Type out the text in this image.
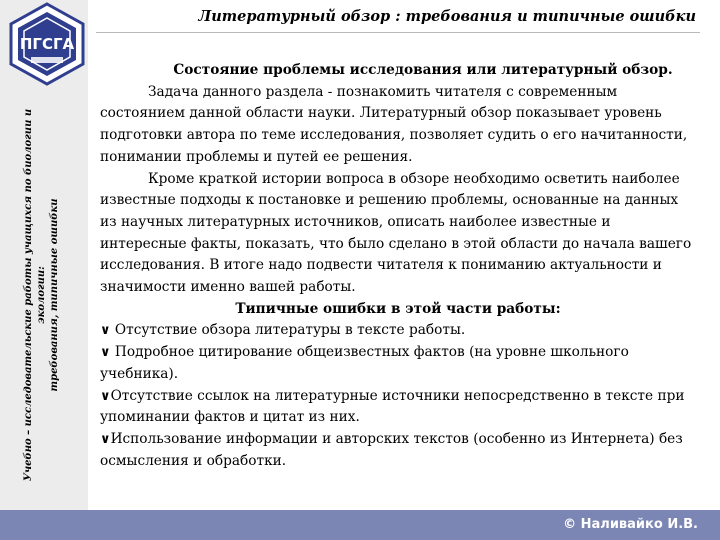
Учебно – исследовательские работы учащихся по биологии и экологии: требования, типичные ошибки
ПГСГА
Литературный обзор : требования и типичные ошибки
Состояние проблемы исследования или литературный обзор.
Задача данного раздела - познакомить читателя с современным состоянием данной области науки. Литературный обзор показывает уровень подготовки автора по теме исследования, позволяет судить о его начитанности, понимании проблемы и путей ее решения.
Кроме краткой истории вопроса в обзоре необходимо осветить наиболее известные подходы к постановке и решению проблемы, основанные на данных из научных литературных источников, описать наиболее известные и интересные факты, показать, что было сделано в этой области до начала вашего исследования. В итоге надо подвести читателя к пониманию актуальности и значимости именно вашей работы.
Типичные ошибки в этой части работы:

∨ Отсутствие обзора литературы в тексте работы.

∨ Подробное цитирование общеизвестных фактов (на уровне школьного учебника).

∨Отсутствие ссылок на литературные источники непосредственно в тексте при упоминании фактов и цитат из них.

∨Использование информации и авторских текстов (особенно из Интернета) без осмысления и обработки.

© Наливайко И.В.
